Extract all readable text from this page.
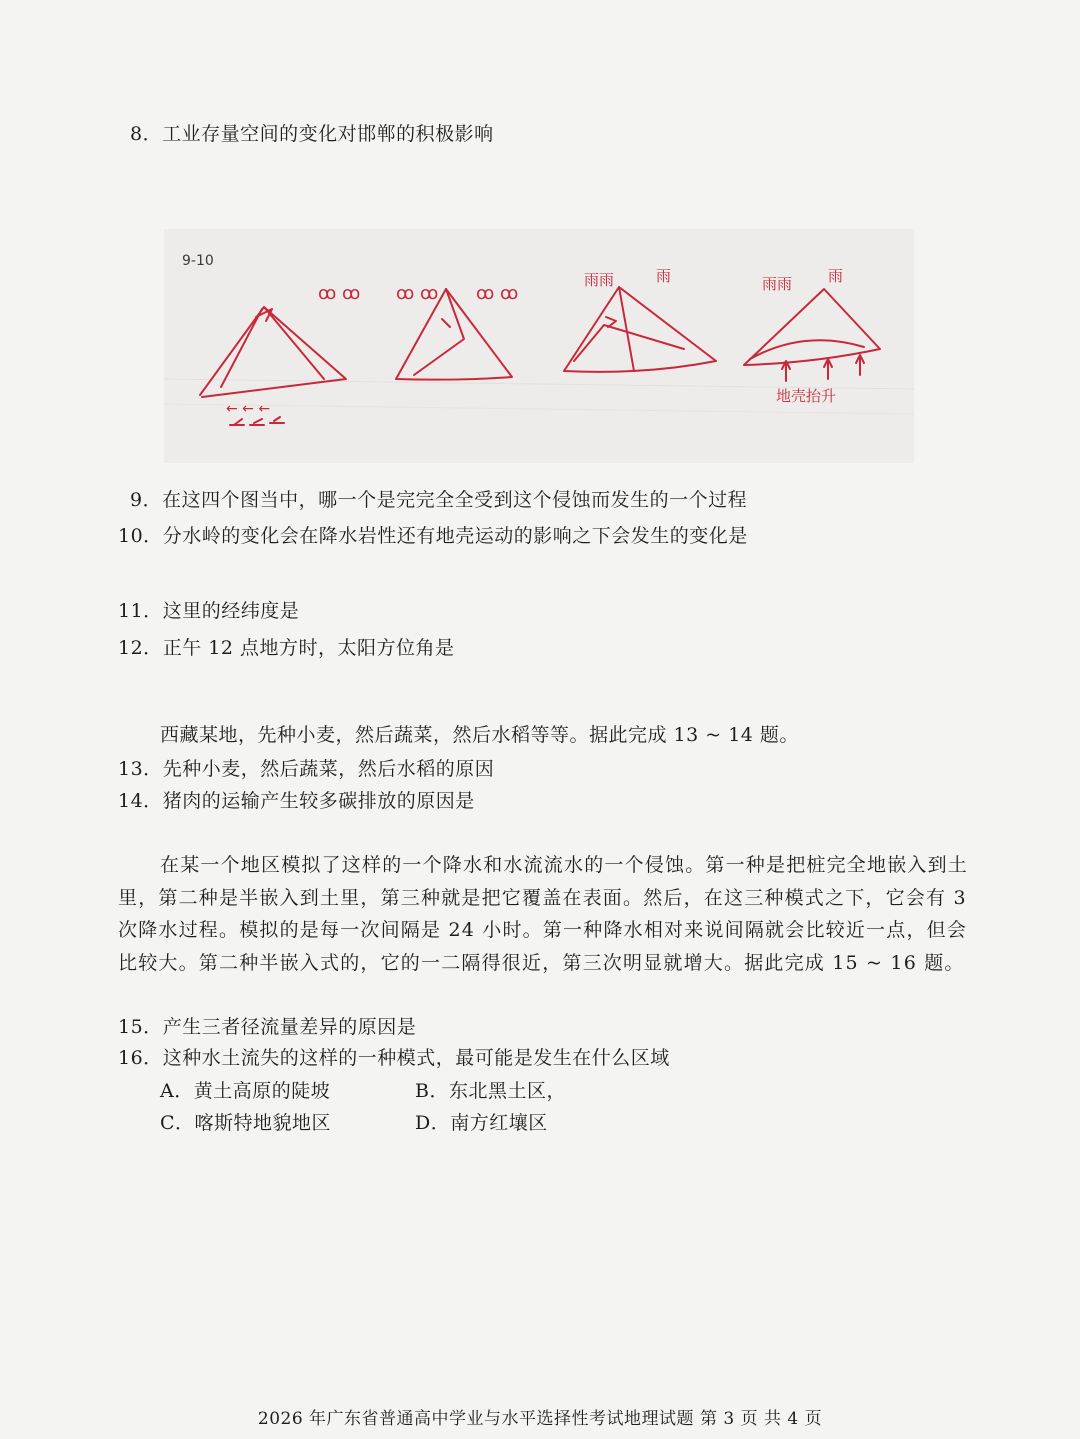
8．工业存量空间的变化对邯郸的积极影响
9-10
ꝏ ꝏ ꝏ ꝏ ꝏ ꝏ
雨雨	雨	雨雨 雨
地壳抬升
← ← ←
9．在这四个图当中，哪一个是完完全全受到这个侵蚀而发生的一个过程
10．分水岭的变化会在降水岩性还有地壳运动的影响之下会发生的变化是
11．这里的经纬度是
12．正午 12 点地方时，太阳方位角是
西藏某地，先种小麦，然后蔬菜，然后水稻等等。据此完成 13 ~ 14 题。
13．先种小麦，然后蔬菜，然后水稻的原因
14．猪肉的运输产生较多碳排放的原因是
在某一个地区模拟了这样的一个降水和水流流水的一个侵蚀。第一种是把桩完全地嵌入到土里，第二种是半嵌入到土里，第三种就是把它覆盖在表面。然后，在这三种模式之下，它会有 3 次降水过程。模拟的是每一次间隔是 24 小时。第一种降水相对来说间隔就会比较近一点，但会比较大。第二种半嵌入式的，它的一二隔得很近，第三次明显就增大。据此完成 15 ~ 16 题。
15．产生三者径流量差异的原因是
16．这种水土流失的这样的一种模式，最可能是发生在什么区域
A．黄土高原的陡坡	B．东北黑土区，
C．喀斯特地貌地区	D．南方红壤区
2026 年广东省普通高中学业与水平选择性考试地理试题 第 3 页 共 4 页
